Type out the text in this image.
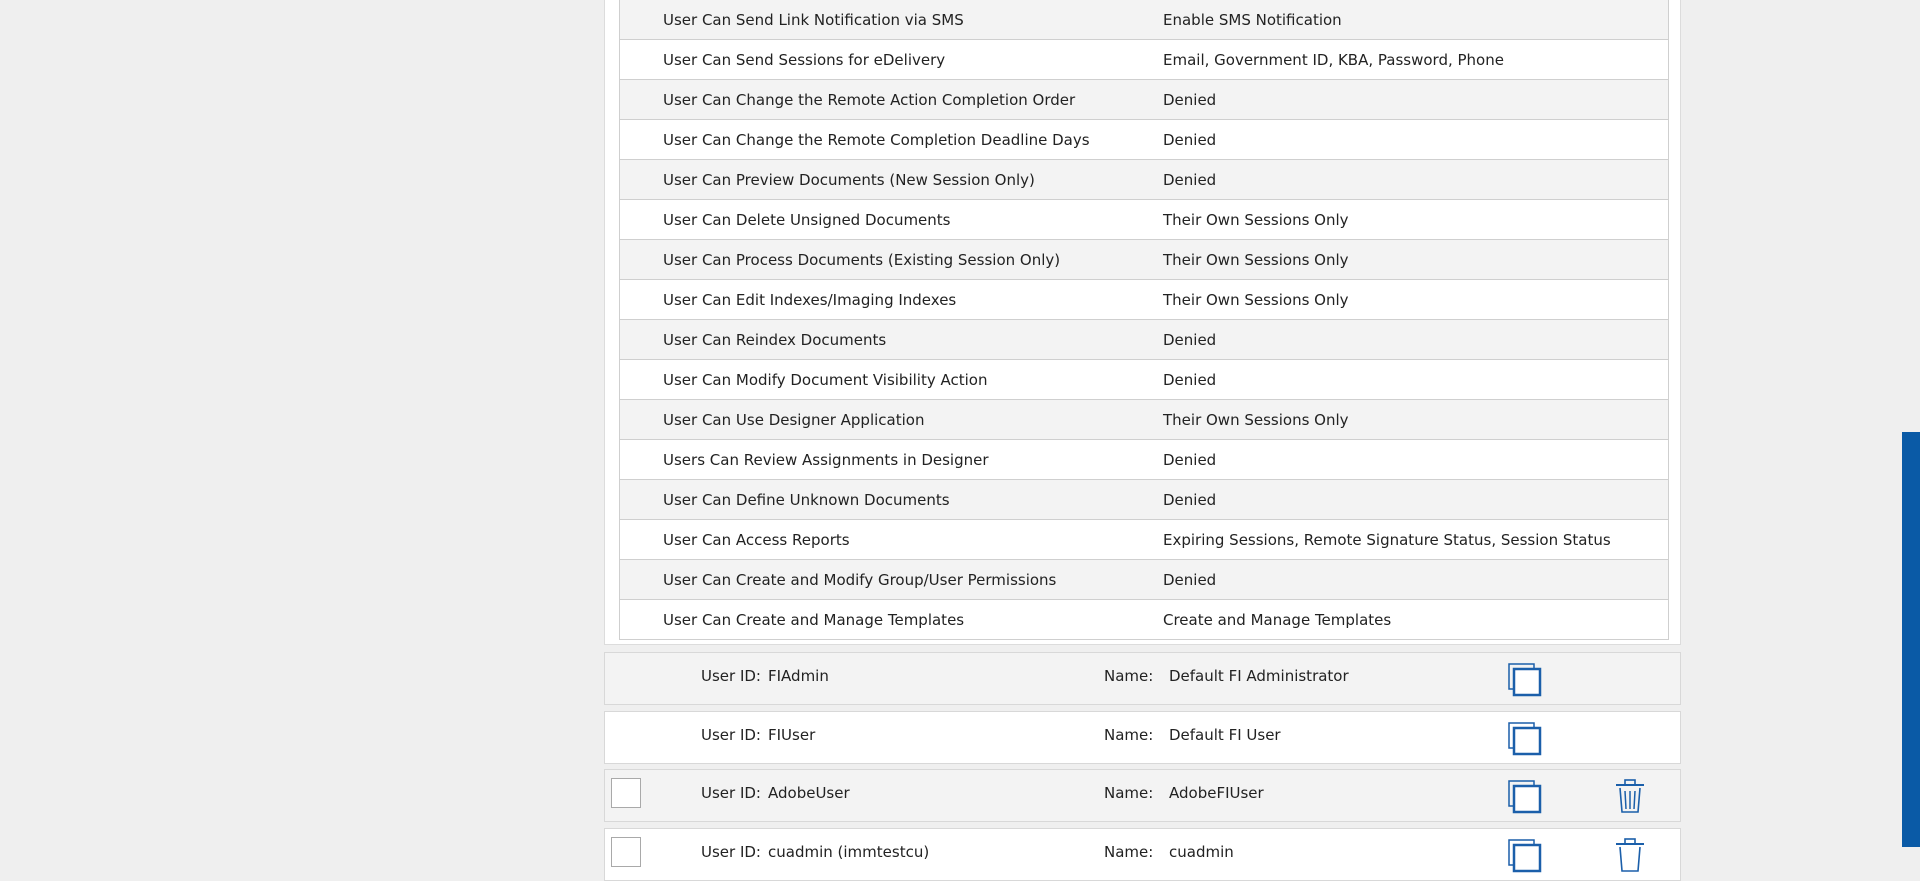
User Can Send Link Notification via SMS	Enable SMS Notification
User Can Send Sessions for eDelivery	Email, Government ID, KBA, Password, Phone
User Can Change the Remote Action Completion Order	Denied
User Can Change the Remote Completion Deadline Days	Denied
User Can Preview Documents (New Session Only)	Denied
User Can Delete Unsigned Documents	Their Own Sessions Only
User Can Process Documents (Existing Session Only)	Their Own Sessions Only
User Can Edit Indexes/Imaging Indexes	Their Own Sessions Only
User Can Reindex Documents	Denied
User Can Modify Document Visibility Action	Denied
User Can Use Designer Application	Their Own Sessions Only
Users Can Review Assignments in Designer	Denied
User Can Define Unknown Documents	Denied
User Can Access Reports	Expiring Sessions, Remote Signature Status, Session Status
User Can Create and Modify Group/User Permissions	Denied
User Can Create and Manage Templates	Create and Manage Templates
User ID: FIAdmin	Name: Default FI Administrator
User ID: FIUser	Name: Default FI User
User ID: AdobeUser	Name: AdobeFIUser
User ID: cuadmin (immtestcu)	Name: cuadmin
